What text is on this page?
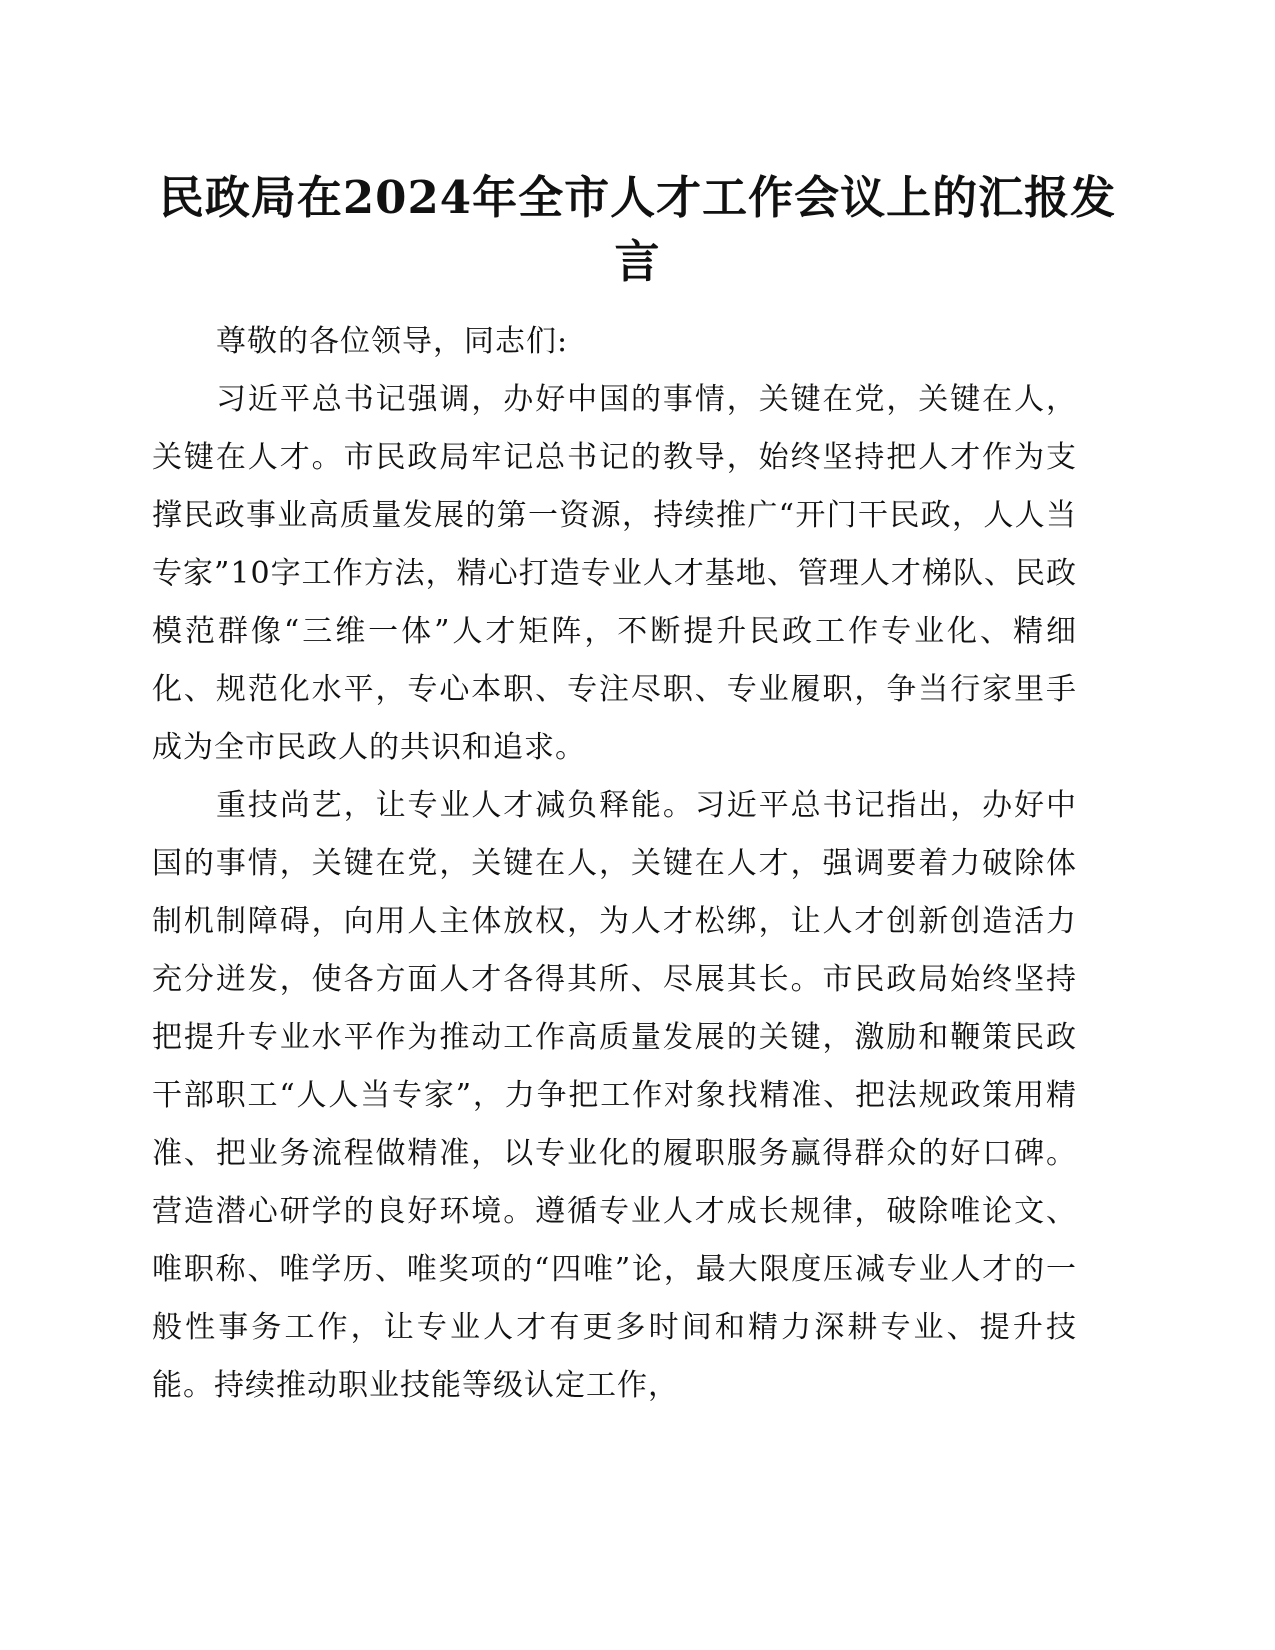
民政局在2024年全市人才工作会议上的汇报发言

尊敬的各位领导，同志们:

习近平总书记强调，办好中国的事情，关键在党，关键在人，关键在人才。市民政局牢记总书记的教导，始终坚持把人才作为支撑民政事业高质量发展的第一资源，持续推广“开门干民政，人人当专家”10字工作方法，精心打造专业人才基地、管理人才梯队、民政模范群像“三维一体”人才矩阵，不断提升民政工作专业化、精细化、规范化水平，专心本职、专注尽职、专业履职，争当行家里手成为全市民政人的共识和追求。

重技尚艺，让专业人才减负释能。习近平总书记指出，办好中国的事情，关键在党，关键在人，关键在人才，强调要着力破除体制机制障碍，向用人主体放权，为人才松绑，让人才创新创造活力充分迸发，使各方面人才各得其所、尽展其长。市民政局始终坚持把提升专业水平作为推动工作高质量发展的关键，激励和鞭策民政干部职工“人人当专家”，力争把工作对象找精准、把法规政策用精准、把业务流程做精准，以专业化的履职服务赢得群众的好口碑。营造潜心研学的良好环境。遵循专业人才成长规律，破除唯论文、唯职称、唯学历、唯奖项的“四唯”论，最大限度压减专业人才的一般性事务工作，让专业人才有更多时间和精力深耕专业、提升技能。持续推动职业技能等级认定工作，
